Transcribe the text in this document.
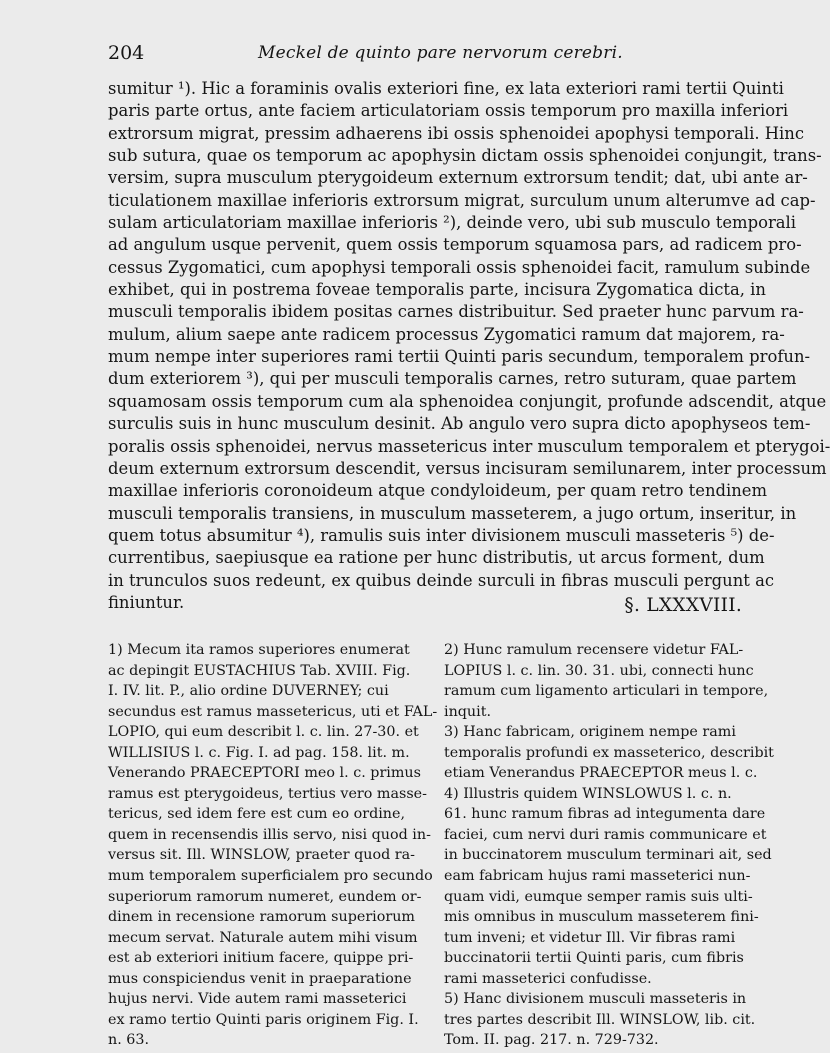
204	Meckel de quinto pare nervorum cerebri.
sumitur ¹). Hic a foraminis ovalis exteriori fine, ex lata exteriori rami tertii Quinti
paris parte ortus, ante faciem articulatoriam ossis temporum pro maxilla inferiori
extrorsum migrat, pressim adhaerens ibi ossis sphenoidei apophysi temporali. Hinc
sub sutura, quae os temporum ac apophysin dictam ossis sphenoidei conjungit, trans-
versim, supra musculum pterygoideum externum extrorsum tendit; dat, ubi ante ar-
ticulationem maxillae inferioris extrorsum migrat, surculum unum alterumve ad cap-
sulam articulatoriam maxillae inferioris ²), deinde vero, ubi sub musculo temporali
ad angulum usque pervenit, quem ossis temporum squamosa pars, ad radicem pro-
cessus Zygomatici, cum apophysi temporali ossis sphenoidei facit, ramulum subinde
exhibet, qui in postrema foveae temporalis parte, incisura Zygomatica dicta, in
musculi temporalis ibidem positas carnes distribuitur. Sed praeter hunc parvum ra-
mulum, alium saepe ante radicem processus Zygomatici ramum dat majorem, ra-
mum nempe inter superiores rami tertii Quinti paris secundum, temporalem profun-
dum exteriorem ³), qui per musculi temporalis carnes, retro suturam, quae partem
squamosam ossis temporum cum ala sphenoidea conjungit, profunde adscendit, atque
surculis suis in hunc musculum desinit. Ab angulo vero supra dicto apophyseos tem-
poralis ossis sphenoidei, nervus massetericus inter musculum temporalem et pterygoi-
deum externum extrorsum descendit, versus incisuram semilunarem, inter processum
maxillae inferioris coronoideum atque condyloideum, per quam retro tendinem
musculi temporalis transiens, in musculum masseterem, a jugo ortum, inseritur, in
quem totus absumitur ⁴), ramulis suis inter divisionem musculi masseteris ⁵) de-
currentibus, saepiusque ea ratione per hunc distributis, ut arcus forment, dum
in trunculos suos redeunt, ex quibus deinde surculi in fibras musculi pergunt ac
finiuntur.	§. LXXXVIII.
1) Mecum ita ramos superiores enumerat
ac depingit EUSTACHIUS Tab. XVIII. Fig.
I. IV. lit. P., alio ordine DUVERNEY; cui
secundus est ramus massetericus, uti et FAL-
LOPIO, qui eum describit l. c. lin. 27-30. et
WILLISIUS l. c. Fig. I. ad pag. 158. lit. m.
Venerando PRAECEPTORI meo l. c. primus
ramus est pterygoideus, tertius vero masse-
tericus, sed idem fere est cum eo ordine,
quem in recensendis illis servo, nisi quod in-
versus sit. Ill. WINSLOW, praeter quod ra-
mum temporalem superficialem pro secundo
superiorum ramorum numeret, eundem or-
dinem in recensione ramorum superiorum
mecum servat. Naturale autem mihi visum
est ab exteriori initium facere, quippe pri-
mus conspiciendus venit in praeparatione
hujus nervi. Vide autem rami masseterici
ex ramo tertio Quinti paris originem Fig. I.
n. 63.
2) Hunc ramulum recensere videtur FAL-
LOPIUS l. c. lin. 30. 31. ubi, connecti hunc
ramum cum ligamento articulari in tempore,
inquit.
3) Hanc fabricam, originem nempe rami
temporalis profundi ex masseterico, describit
etiam Venerandus PRAECEPTOR meus l. c.
4) Illustris quidem WINSLOWUS l. c. n.
61. hunc ramum fibras ad integumenta dare
faciei, cum nervi duri ramis communicare et
in buccinatorem musculum terminari ait, sed
eam fabricam hujus rami masseterici nun-
quam vidi, eumque semper ramis suis ulti-
mis omnibus in musculum masseterem fini-
tum inveni; et videtur Ill. Vir fibras rami
buccinatorii tertii Quinti paris, cum fibris
rami masseterici confudisse.
5) Hanc divisionem musculi masseteris in
tres partes describit Ill. WINSLOW, lib. cit.
Tom. II. pag. 217. n. 729-732.
